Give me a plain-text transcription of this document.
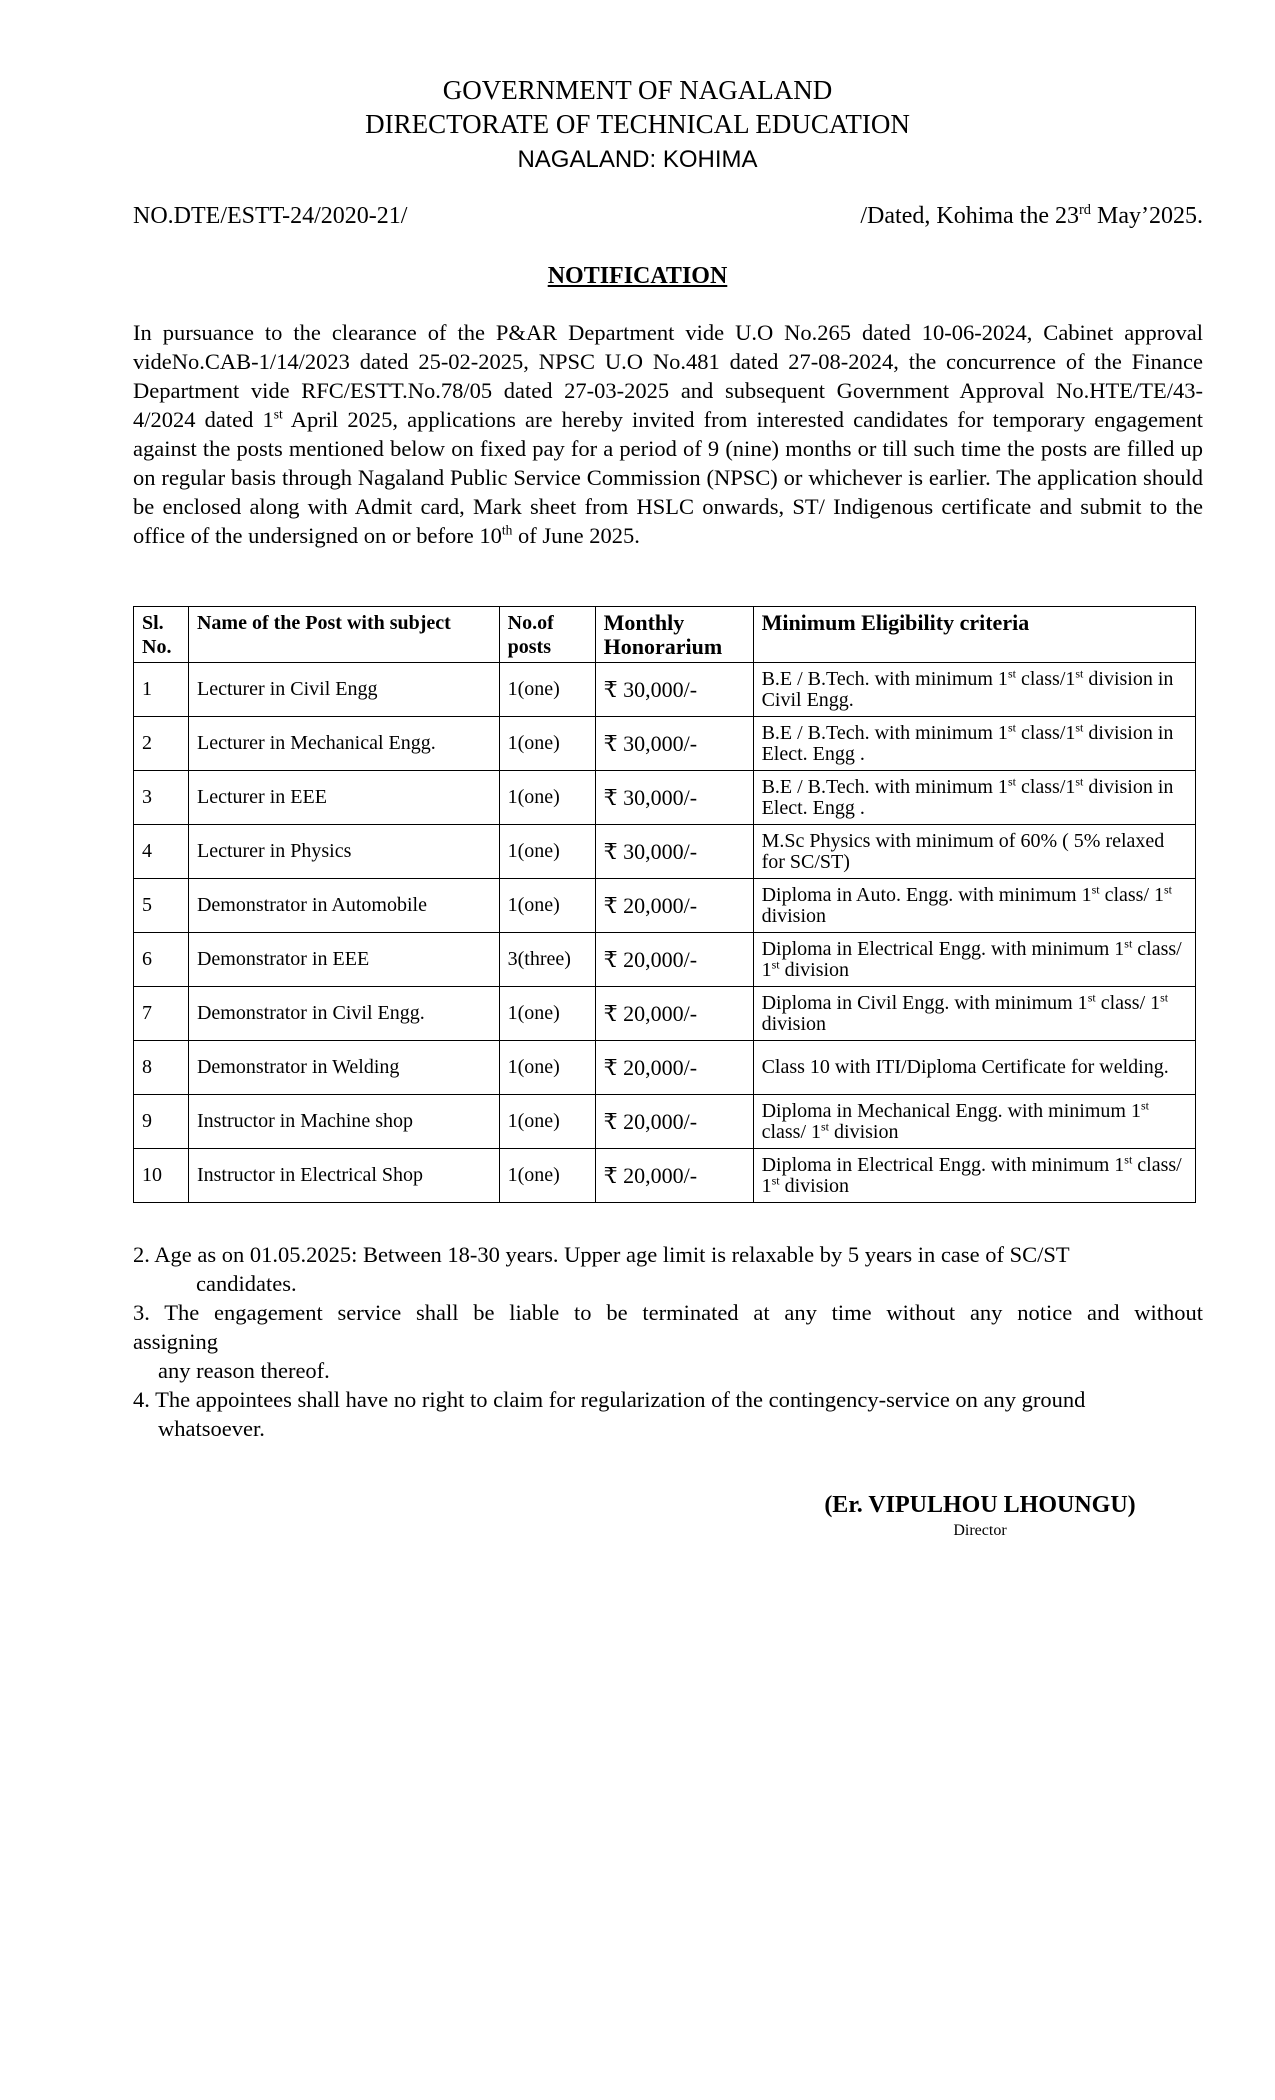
GOVERNMENT OF NAGALAND
DIRECTORATE OF TECHNICAL EDUCATION
NAGALAND: KOHIMA
NO.DTE/ESTT-24/2020-21/	/Dated, Kohima the 23rd May’2025.
NOTIFICATION
In pursuance to the clearance of the P&AR Department vide U.O No.265 dated 10-06-2024, Cabinet approval videNo.CAB-1/14/2023 dated 25-02-2025, NPSC U.O No.481 dated 27-08-2024, the concurrence of the Finance Department vide RFC/ESTT.No.78/05 dated 27-03-2025 and subsequent Government Approval No.HTE/TE/43-4/2024 dated 1st April 2025, applications are hereby invited from interested candidates for temporary engagement against the posts mentioned below on fixed pay for a period of 9 (nine) months or till such time the posts are filled up on regular basis through Nagaland Public Service Commission (NPSC) or whichever is earlier. The application should be enclosed along with Admit card, Mark sheet from HSLC onwards, ST/ Indigenous certificate and submit to the office of the undersigned on or before 10th of June 2025.
Sl. No.	Name of the Post with subject	No.of posts	Monthly Honorarium	Minimum Eligibility criteria
1	Lecturer in Civil Engg	1(one)	₹ 30,000/-	B.E / B.Tech. with minimum 1st class/1st division in Civil Engg.
2	Lecturer in Mechanical Engg.	1(one)	₹ 30,000/-	B.E / B.Tech. with minimum 1st class/1st division in Elect. Engg .
3	Lecturer in EEE	1(one)	₹ 30,000/-	B.E / B.Tech. with minimum 1st class/1st division in Elect. Engg .
4	Lecturer in Physics	1(one)	₹ 30,000/-	M.Sc Physics with minimum of 60% ( 5% relaxed for SC/ST)
5	Demonstrator in Automobile	1(one)	₹ 20,000/-	Diploma in Auto. Engg. with minimum 1st class/ 1st division
6	Demonstrator in EEE	3(three)	₹ 20,000/-	Diploma in Electrical Engg. with minimum 1st class/ 1st division
7	Demonstrator in Civil Engg.	1(one)	₹ 20,000/-	Diploma in Civil Engg. with minimum 1st class/ 1st division
8	Demonstrator in Welding	1(one)	₹ 20,000/-	Class 10 with ITI/Diploma Certificate for welding.
9	Instructor in Machine shop	1(one)	₹ 20,000/-	Diploma in Mechanical Engg. with minimum 1st class/ 1st division
10	Instructor in Electrical Shop	1(one)	₹ 20,000/-	Diploma in Electrical Engg. with minimum 1st class/ 1st division

2. Age as on 01.05.2025: Between 18-30 years. Upper age limit is relaxable by 5 years in case of SC/ST

candidates.

3. The engagement service shall be liable to be terminated at any time without any notice and without

assigning

any reason thereof.

4. The appointees shall have no right to claim for regularization of the contingency-service on any ground

whatsoever.

(Er. VIPULHOU LHOUNGU)
Director
